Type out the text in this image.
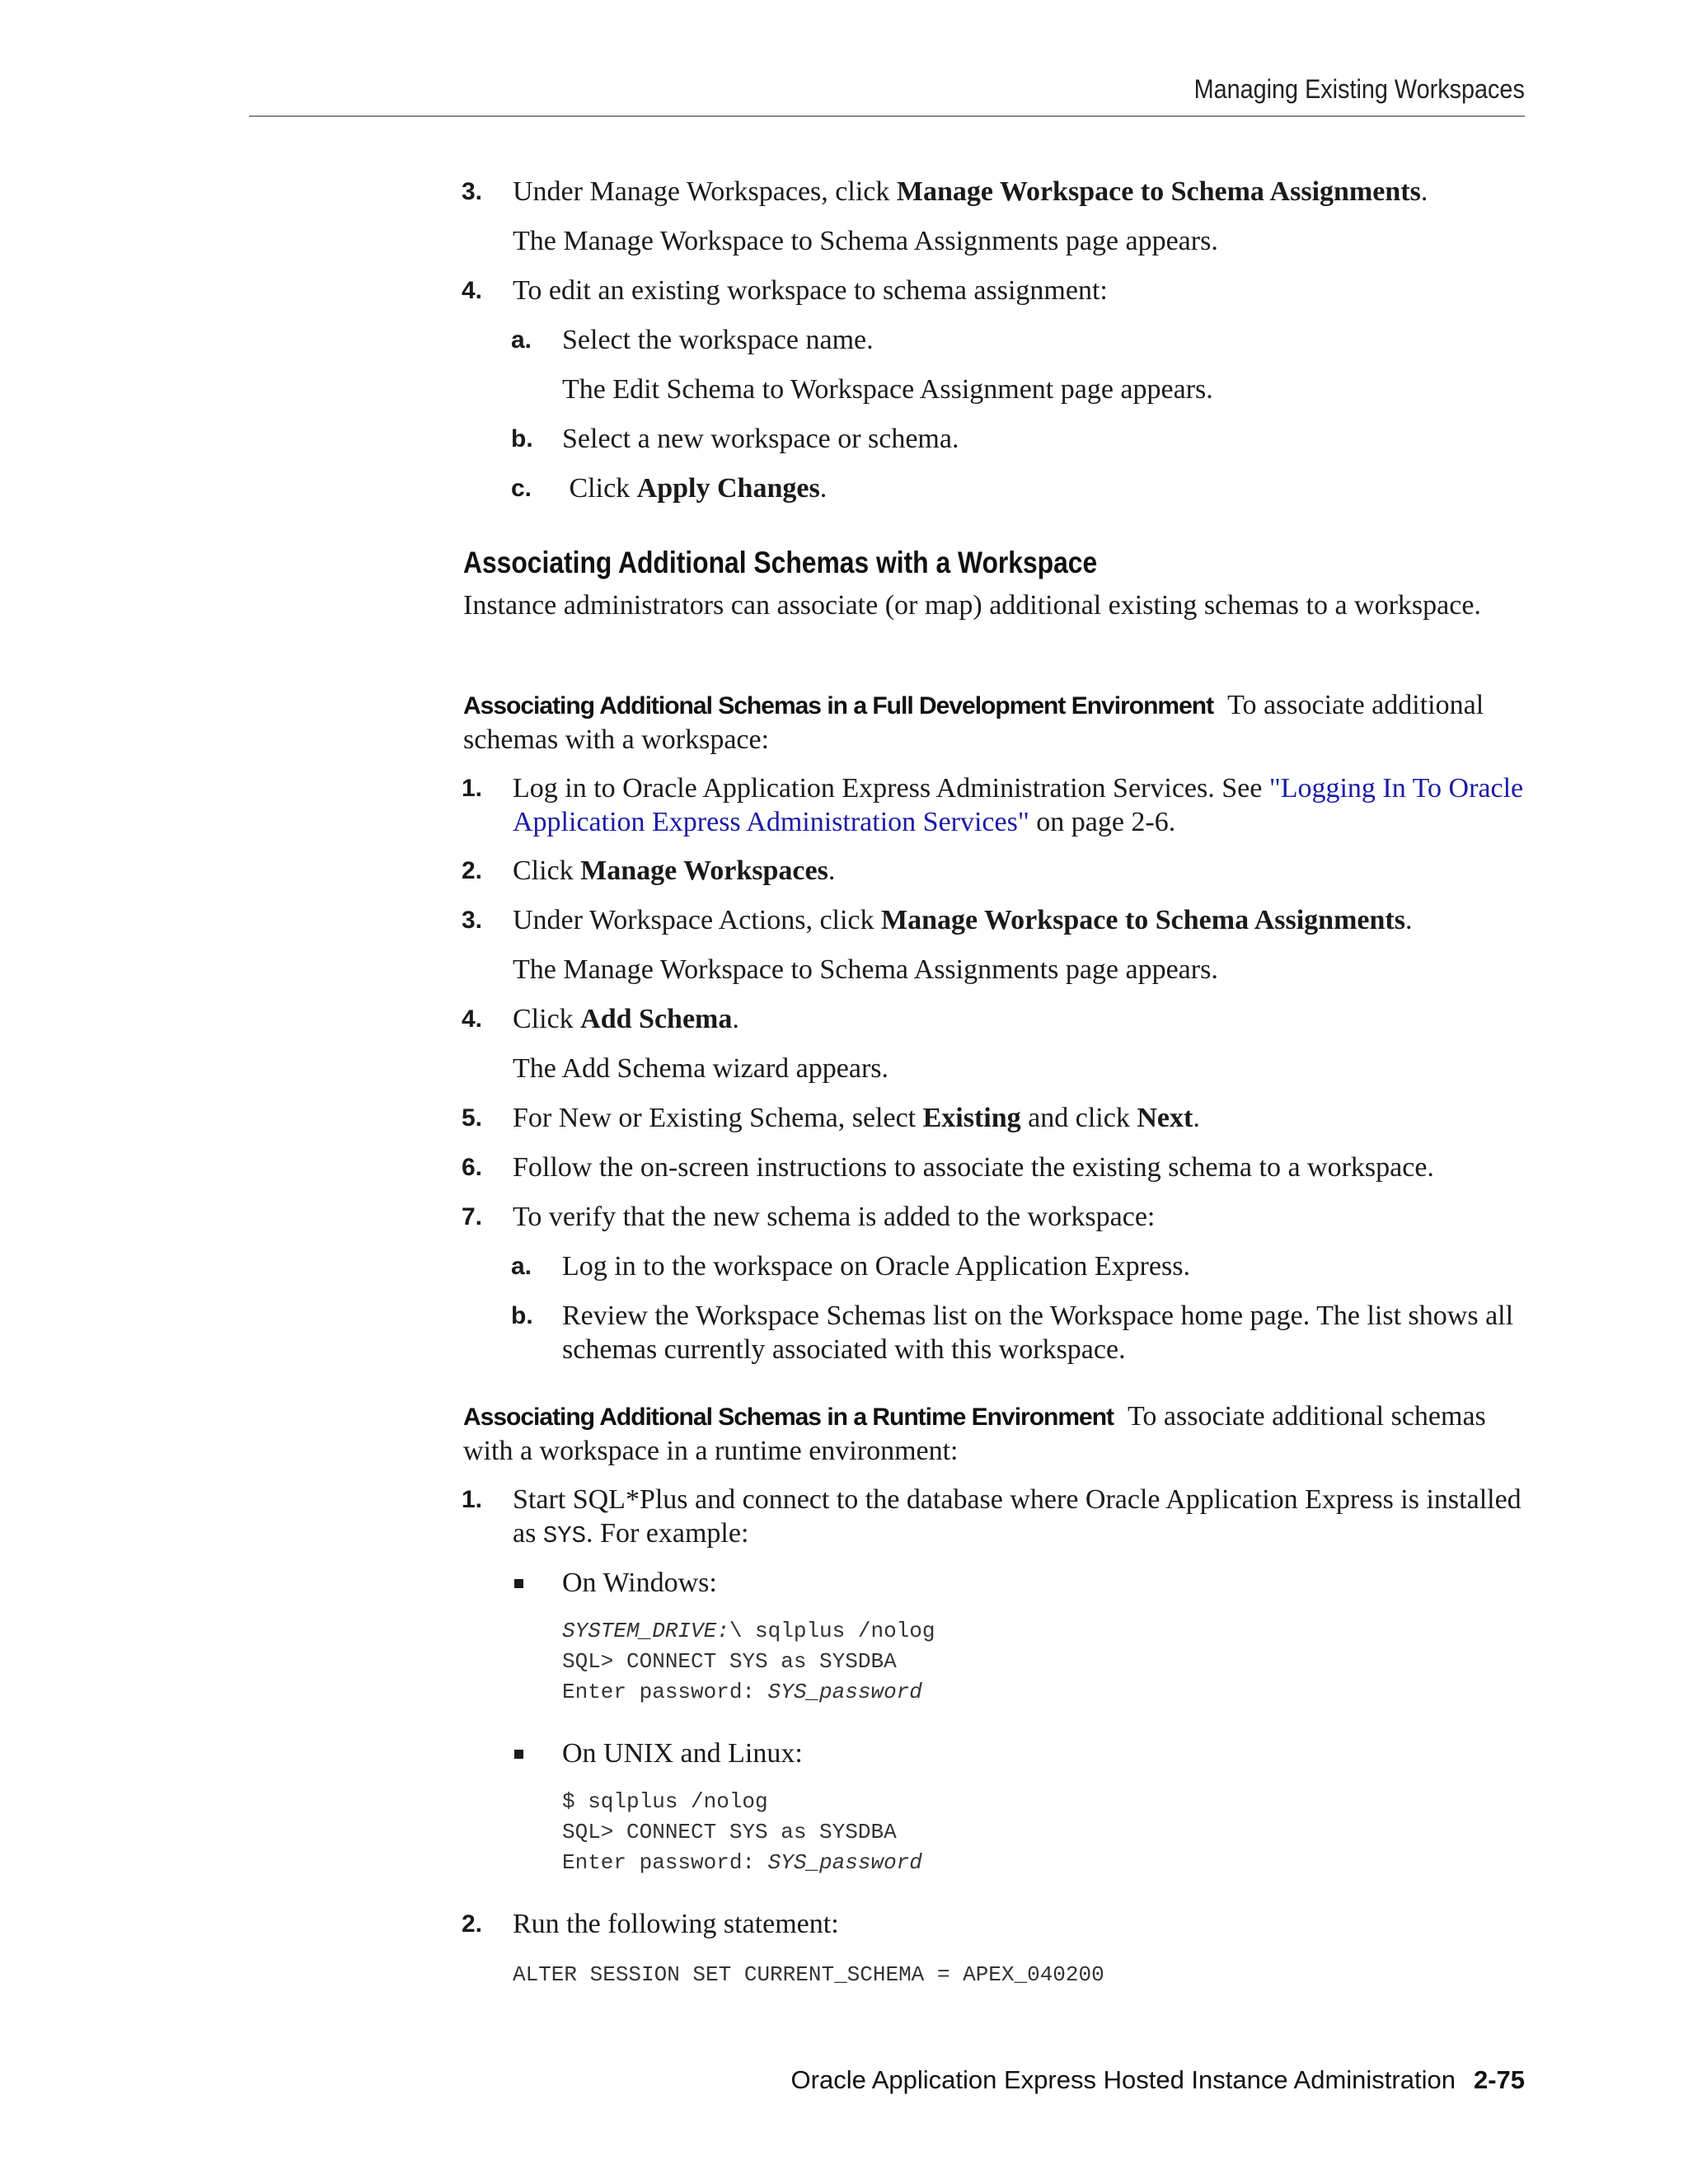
Managing Existing Workspaces
3. Under Manage Workspaces, click Manage Workspace to Schema Assignments.
The Manage Workspace to Schema Assignments page appears.
4. To edit an existing workspace to schema assignment:
a. Select the workspace name.
The Edit Schema to Workspace Assignment page appears.
b. Select a new workspace or schema.
c. Click Apply Changes.
Associating Additional Schemas with a Workspace
Instance administrators can associate (or map) additional existing schemas to a workspace.
Associating Additional Schemas in a Full Development Environment To associate additional schemas with a workspace:
1. Log in to Oracle Application Express Administration Services. See "Logging In To Oracle Application Express Administration Services" on page 2-6.
2. Click Manage Workspaces.
3. Under Workspace Actions, click Manage Workspace to Schema Assignments.
The Manage Workspace to Schema Assignments page appears.
4. Click Add Schema.
The Add Schema wizard appears.
5. For New or Existing Schema, select Existing and click Next.
6. Follow the on-screen instructions to associate the existing schema to a workspace.
7. To verify that the new schema is added to the workspace:
a. Log in to the workspace on Oracle Application Express.
b. Review the Workspace Schemas list on the Workspace home page. The list shows all schemas currently associated with this workspace.
Associating Additional Schemas in a Runtime Environment To associate additional schemas with a workspace in a runtime environment:
1. Start SQL*Plus and connect to the database where Oracle Application Express is installed as SYS. For example:
On Windows:
SYSTEM_DRIVE:\ sqlplus /nolog
SQL> CONNECT SYS as SYSDBA
Enter password: SYS_password
On UNIX and Linux:
$ sqlplus /nolog
SQL> CONNECT SYS as SYSDBA
Enter password: SYS_password
2. Run the following statement:
ALTER SESSION SET CURRENT_SCHEMA = APEX_040200
Oracle Application Express Hosted Instance Administration 2-75
